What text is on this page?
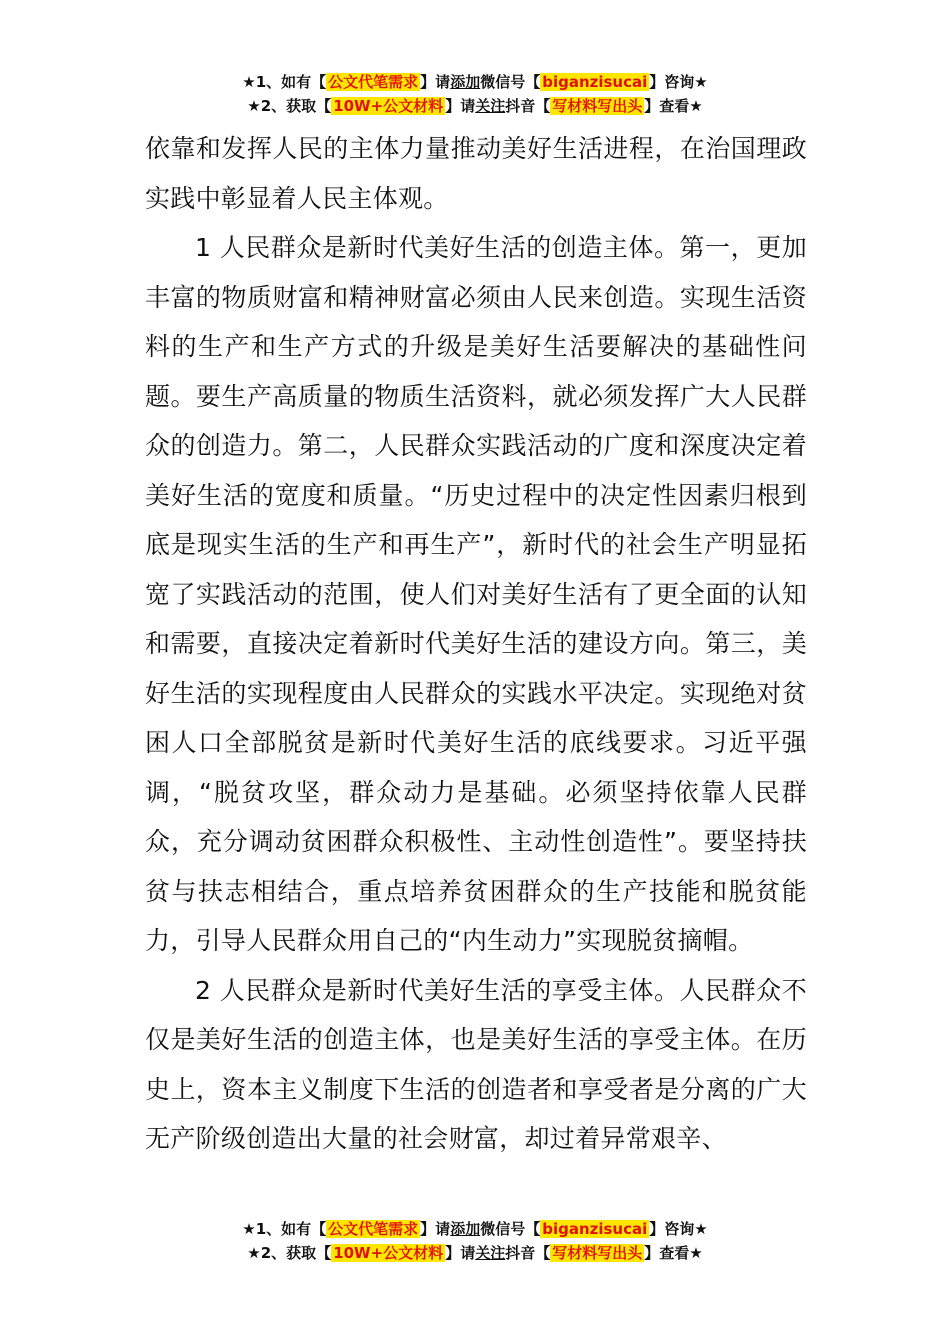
★1、如有【 公文代笔需求 】请添加微信号【 biganzisucai 】咨询★
★2、获取【 10W+公文材料 】请关注抖音【 写材料写出头 】查看★

依靠和发挥人民的主体力量推动美好生活进程，在治国理政实践中彰显着人民主体观。

1 人民群众是新时代美好生活的创造主体。第一，更加丰富的物质财富和精神财富必须由人民来创造。实现生活资料的生产和生产方式的升级是美好生活要解决的基础性问题。要生产高质量的物质生活资料，就必须发挥广大人民群众的创造力。第二，人民群众实践活动的广度和深度决定着美好生活的宽度和质量。“历史过程中的决定性因素归根到底是现实生活的生产和再生产”，新时代的社会生产明显拓宽了实践活动的范围，使人们对美好生活有了更全面的认知和需要，直接决定着新时代美好生活的建设方向。第三，美好生活的实现程度由人民群众的实践水平决定。实现绝对贫困人口全部脱贫是新时代美好生活的底线要求。习近平强调，“脱贫攻坚，群众动力是基础。必须坚持依靠人民群众，充分调动贫困群众积极性、主动性创造性”。要坚持扶贫与扶志相结合，重点培养贫困群众的生产技能和脱贫能力，引导人民群众用自己的“内生动力”实现脱贫摘帽。

2 人民群众是新时代美好生活的享受主体。人民群众不仅是美好生活的创造主体，也是美好生活的享受主体。在历史上，资本主义制度下生活的创造者和享受者是分离的广大无产阶级创造出大量的社会财富，却过着异常艰辛、

★1、如有【 公文代笔需求 】请添加微信号【 biganzisucai 】咨询★
★2、获取【 10W+公文材料 】请关注抖音【 写材料写出头 】查看★
